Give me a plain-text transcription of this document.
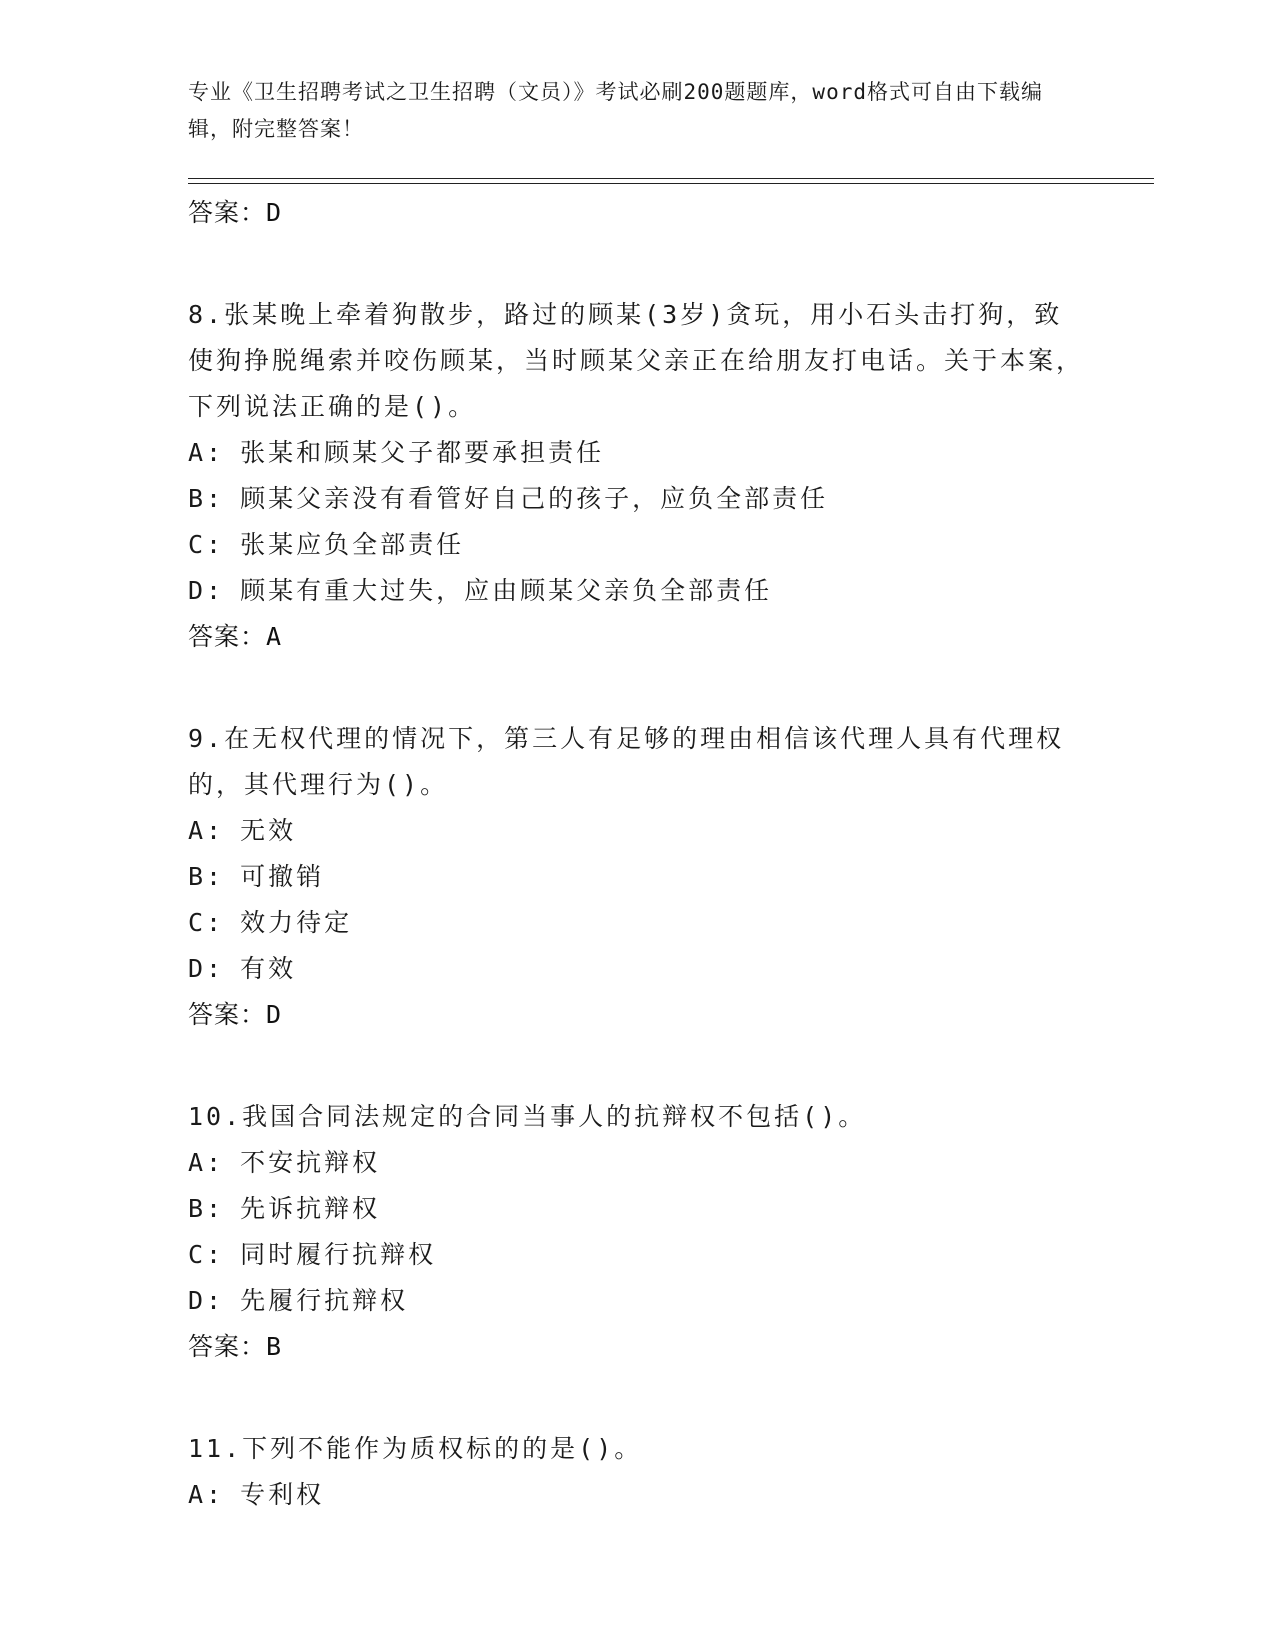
专业《卫生招聘考试之卫生招聘（文员）》考试必刷200题题库，word格式可自由下载编辑，附完整答案！
答案：D

8.张某晚上牵着狗散步，路过的顾某(3岁)贪玩，用小石头击打狗，致使狗挣脱绳索并咬伤顾某，当时顾某父亲正在给朋友打电话。关于本案，下列说法正确的是()。

A: 张某和顾某父子都要承担责任
B: 顾某父亲没有看管好自己的孩子，应负全部责任
C: 张某应负全部责任
D: 顾某有重大过失，应由顾某父亲负全部责任
答案：A

9.在无权代理的情况下，第三人有足够的理由相信该代理人具有代理权的，其代理行为()。

A: 无效
B: 可撤销
C: 效力待定
D: 有效
答案：D

10.我国合同法规定的合同当事人的抗辩权不包括()。

A: 不安抗辩权
B: 先诉抗辩权
C: 同时履行抗辩权
D: 先履行抗辩权
答案：B

11.下列不能作为质权标的的是()。

A: 专利权
